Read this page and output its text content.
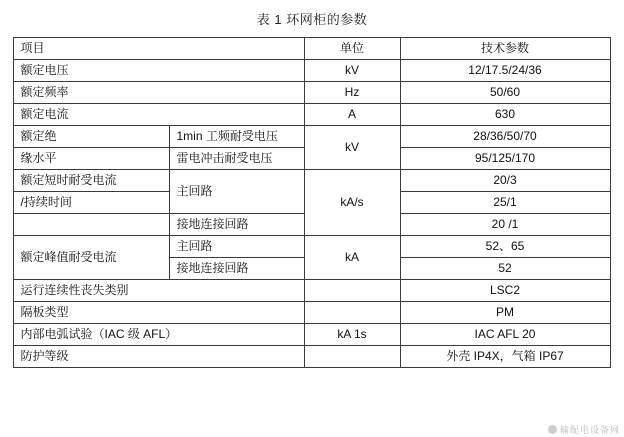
表 1 环网柜的参数
项目		单位	技术参数
额定电压		kV	12/17.5/24/36
额定频率		Hz	50/60
额定电流		A	630
额定绝	1min 工频耐受电压	kV	28/36/50/70
缘水平	雷电冲击耐受电压		95/125/170
额定短时耐受电流	主回路	kA/s	20/3
/持续时间			25/1
	接地连接回路		20 /1
额定峰值耐受电流	主回路	kA	52、65
	接地连接回路		52
运行连续性丧失类别			LSC2
隔板类型			PM
内部电弧试验（IAC 级 AFL）		kA 1s	IAC AFL 20
防护等级			外壳 IP4X，气箱 IP67
输配电设备网
